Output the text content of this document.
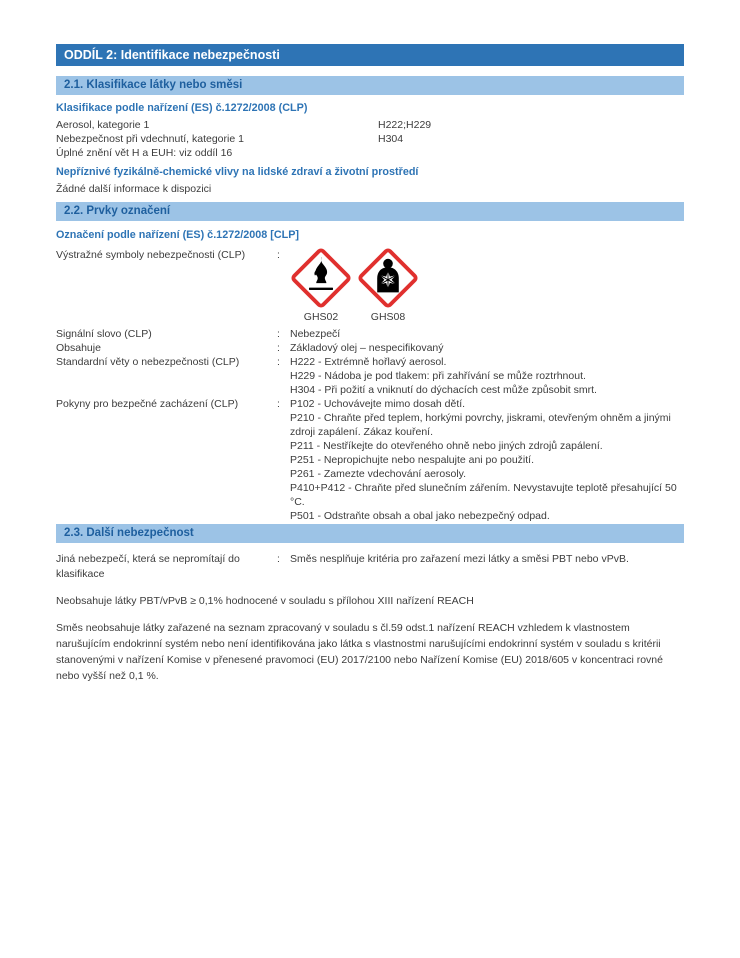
ODDÍL 2: Identifikace nebezpečnosti
2.1. Klasifikace látky nebo směsi
Klasifikace podle nařízení (ES) č.1272/2008 (CLP)
Aerosol, kategorie 1	H222;H229
Nebezpečnost při vdechnutí, kategorie 1	H304
Úplné znění vět H a EUH: viz oddíl 16
Nepříznivé fyzikálně-chemické vlivy na lidské zdraví a životní prostředí
Žádné další informace k dispozici
2.2. Prvky označení
Označení podle nařízení (ES) č.1272/2008 [CLP]
Výstražné symboly nebezpečnosti (CLP)	:
GHS02	GHS08
Signální slovo (CLP)	: Nebezpečí
Obsahuje	: Základový olej – nespecifikovaný
Standardní věty o nebezpečnosti (CLP)	: H222 - Extrémně hořlavý aerosol.
H229 - Nádoba je pod tlakem: při zahřívání se může roztrhnout.
H304 - Při požití a vniknutí do dýchacích cest může způsobit smrt.
Pokyny pro bezpečné zacházení (CLP)	: P102 - Uchovávejte mimo dosah dětí.
P210 - Chraňte před teplem, horkými povrchy, jiskrami, otevřeným ohněm a jinými zdroji zapálení. Zákaz kouření.
P211 - Nestříkejte do otevřeného ohně nebo jiných zdrojů zapálení.
P251 - Nepropichujte nebo nespalujte ani po použití.
P261 - Zamezte vdechování aerosoly.
P410+P412 - Chraňte před slunečním zářením. Nevystavujte teplotě přesahující 50 °C.
P501 - Odstraňte obsah a obal jako nebezpečný odpad.
2.3. Další nebezpečnost
Jiná nebezpečí, která se nepromítají do klasifikace
: Směs nesplňuje kritéria pro zařazení mezi látky a směsi PBT nebo vPvB.
Neobsahuje látky PBT/vPvB ≥ 0,1% hodnocené v souladu s přílohou XIII nařízení REACH
Směs neobsahuje látky zařazené na seznam zpracovaný v souladu s čl.59 odst.1 nařízení REACH vzhledem k vlastnostem narušujícím endokrinní systém nebo není identifikována jako látka s vlastnostmi narušujícími endokrinní systém v souladu s kritérii stanovenými v nařízení Komise v přenesené pravomoci (EU) 2017/2100 nebo Nařízení Komise (EU) 2018/605 v koncentraci rovné nebo vyšší než 0,1 %.
